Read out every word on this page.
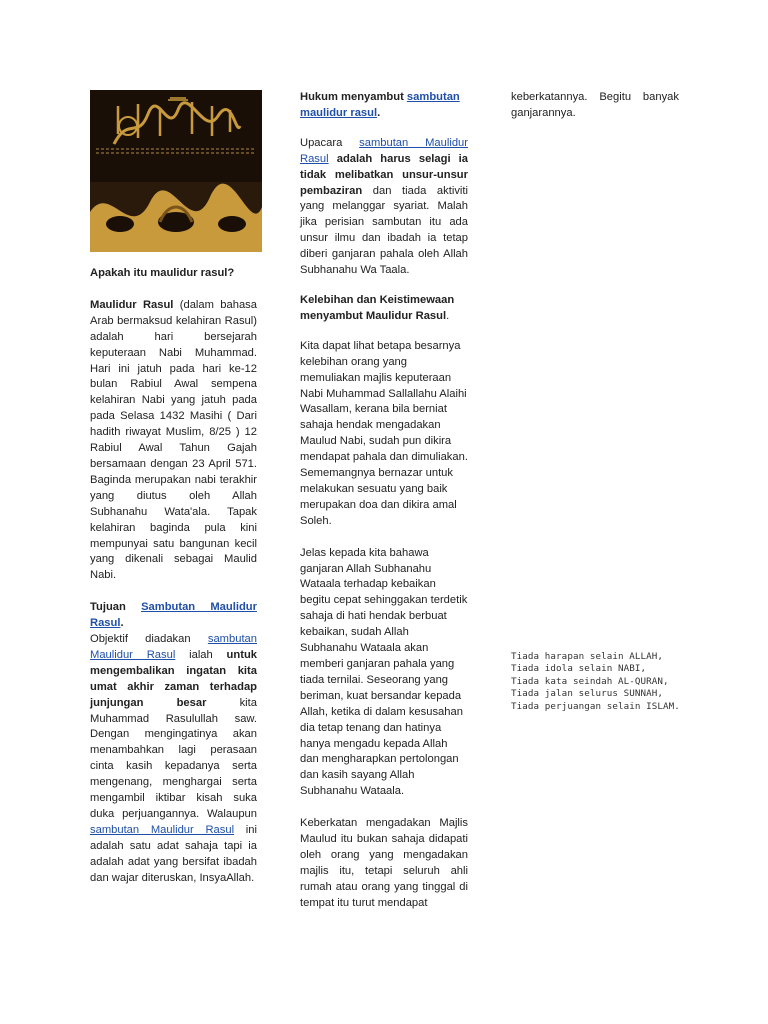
Apakah itu maulidur rasul?

Maulidur Rasul (dalam bahasa Arab bermaksud kelahiran Rasul) adalah hari bersejarah keputeraan Nabi Muhammad. Hari ini jatuh pada hari ke-12 bulan Rabiul Awal sempena kelahiran Nabi yang jatuh pada pada Selasa 1432 Masihi ( Dari hadith riwayat Muslim, 8/25 ) 12 Rabiul Awal Tahun Gajah bersamaan dengan 23 April 571. Baginda merupakan nabi terakhir yang diutus oleh Allah Subhanahu Wata'ala. Tapak kelahiran baginda pula kini mempunyai satu bangunan kecil yang dikenali sebagai Maulid Nabi.

Tujuan Sambutan Maulidur Rasul.

Objektif diadakan sambutan Maulidur Rasul ialah untuk mengembalikan ingatan kita umat akhir zaman terhadap junjungan besar kita Muhammad Rasulullah saw. Dengan mengingatinya akan menambahkan lagi perasaan cinta kasih kepadanya serta mengenang, menghargai serta mengambil iktibar kisah suka duka perjuangannya. Walaupun sambutan Maulidur Rasul ini adalah satu adat sahaja tapi ia adalah adat yang bersifat ibadah dan wajar diteruskan, InsyaAllah.

Hukum menyambut sambutan maulidur rasul.

Upacara sambutan Maulidur Rasul adalah harus selagi ia tidak melibatkan unsur-unsur pembaziran dan tiada aktiviti yang melanggar syariat. Malah jika perisian sambutan itu ada unsur ilmu dan ibadah ia tetap diberi ganjaran pahala oleh Allah Subhanahu Wa Taala.

Kelebihan dan Keistimewaan menyambut Maulidur Rasul.

Kita dapat lihat betapa besarnya kelebihan orang yang memuliakan majlis keputeraan Nabi Muhammad Sallallahu Alaihi Wasallam, kerana bila berniat sahaja hendak mengadakan Maulud Nabi, sudah pun dikira mendapat pahala dan dimuliakan. Sememangnya bernazar untuk melakukan sesuatu yang baik merupakan doa dan dikira amal Soleh.

Jelas kepada kita bahawa ganjaran Allah Subhanahu Wataala terhadap kebaikan begitu cepat sehinggakan terdetik sahaja di hati hendak berbuat kebaikan, sudah Allah Subhanahu Wataala akan memberi ganjaran pahala yang tiada ternilai. Seseorang yang beriman, kuat bersandar kepada Allah, ketika di dalam kesusahan dia tetap tenang dan hatinya hanya mengadu kepada Allah dan mengharapkan pertolongan dan kasih sayang Allah Subhanahu Wataala.

Keberkatan mengadakan Majlis Maulud itu bukan sahaja didapati oleh orang yang mengadakan majlis itu, tetapi seluruh ahli rumah atau orang yang tinggal di tempat itu turut mendapat

keberkatannya. Begitu banyak ganjarannya.

Tiada harapan selain ALLAH,
Tiada idola selain NABI,
Tiada kata seindah AL-QURAN,
Tiada jalan selurus SUNNAH,
Tiada perjuangan selain ISLAM.
